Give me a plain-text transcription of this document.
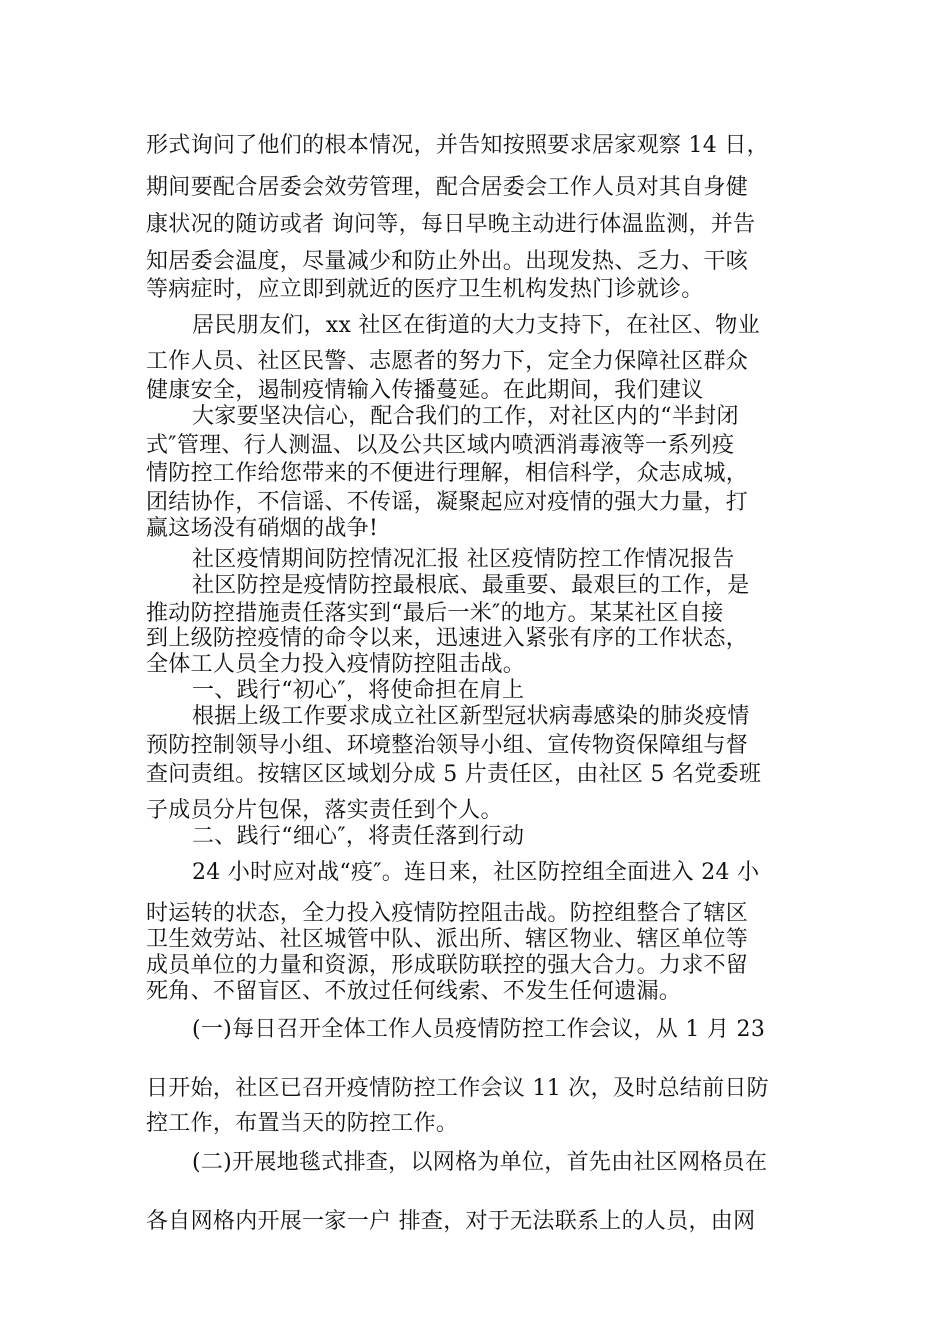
形式询问了他们的根本情况，并告知按照要求居家观察 14 日，
期间要配合居委会效劳管理，配合居委会工作人员对其自身健
康状况的随访或者 询问等，每日早晚主动进行体温监测，并告
知居委会温度，尽量减少和防止外出。出现发热、乏力、干咳
等病症时，应立即到就近的医疗卫生机构发热门诊就诊。
居民朋友们，xx 社区在街道的大力支持下，在社区、物业
工作人员、社区民警、志愿者的努力下，定全力保障社区群众
健康安全，遏制疫情输入传播蔓延。在此期间，我们建议
大家要坚决信心，配合我们的工作，对社区内的“半封闭
式″管理、行人测温、以及公共区域内喷洒消毒液等一系列疫
情防控工作给您带来的不便进行理解，相信科学，众志成城，
团结协作，不信谣、不传谣，凝聚起应对疫情的强大力量，打
赢这场没有硝烟的战争!
社区疫情期间防控情况汇报 社区疫情防控工作情况报告
社区防控是疫情防控最根底、最重要、最艰巨的工作，是
推动防控措施责任落实到“最后一米″的地方。某某社区自接
到上级防控疫情的命令以来，迅速进入紧张有序的工作状态，
全体工人员全力投入疫情防控阻击战。
一、践行“初心″，将使命担在肩上
根据上级工作要求成立社区新型冠状病毒感染的肺炎疫情
预防控制领导小组、环境整治领导小组、宣传物资保障组与督
查问责组。按辖区区域划分成 5 片责任区，由社区 5 名党委班
子成员分片包保，落实责任到个人。
二、践行“细心″，将责任落到行动
24 小时应对战“疫″。连日来，社区防控组全面进入 24 小
时运转的状态，全力投入疫情防控阻击战。防控组整合了辖区
卫生效劳站、社区城管中队、派出所、辖区物业、辖区单位等
成员单位的力量和资源，形成联防联控的强大合力。力求不留
死角、不留盲区、不放过任何线索、不发生任何遗漏。
(一)每日召开全体工作人员疫情防控工作会议，从 1 月 23
日开始，社区已召开疫情防控工作会议 11 次，及时总结前日防
控工作，布置当天的防控工作。
(二)开展地毯式排查，以网格为单位，首先由社区网格员在
各自网格内开展一家一户 排查，对于无法联系上的人员，由网
